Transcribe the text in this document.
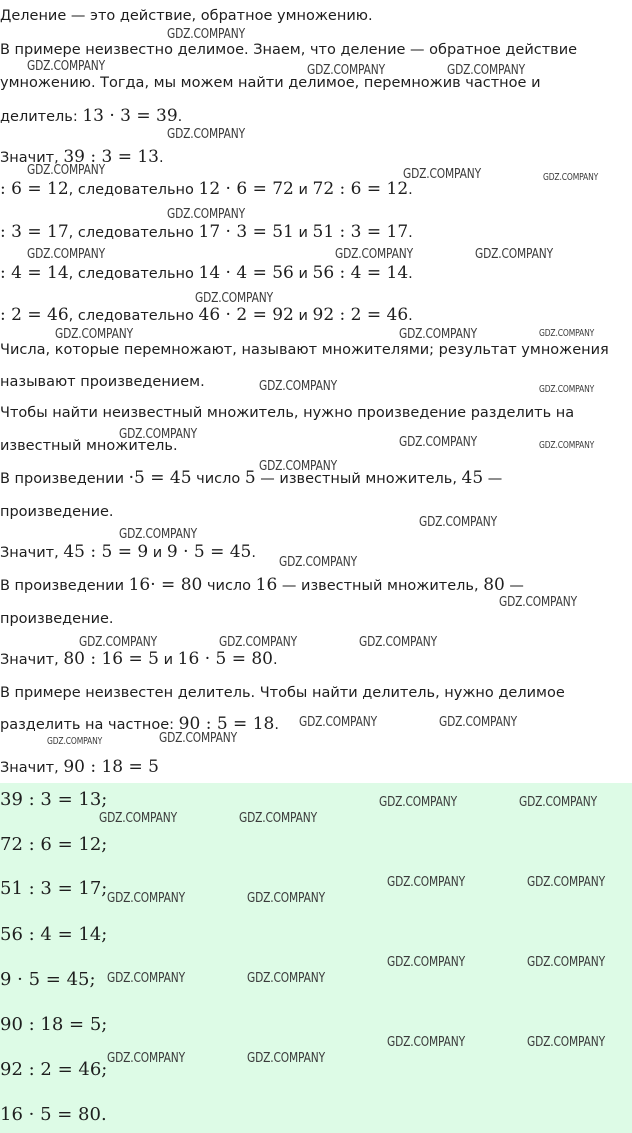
Деление — это действие, обратное умножению.

В примере неизвестно делимое. Знаем, что деление — обратное действие

умножению. Тогда, мы можем найти делимое, перемножив частное и

делитель: 13 · 3 = 39.

Значит, 39 : 3 = 13.

: 6 = 12, следовательно 12 · 6 = 72 и 72 : 6 = 12.

: 3 = 17, следовательно 17 · 3 = 51 и 51 : 3 = 17.

: 4 = 14, следовательно 14 · 4 = 56 и 56 : 4 = 14.

: 2 = 46, следовательно 46 · 2 = 92 и 92 : 2 = 46.

Числа, которые перемножают, называют множителями; результат умножения

называют произведением.

Чтобы найти неизвестный множитель, нужно произведение разделить на

известный множитель.

В произведении ·5 = 45 число 5 — известный множитель, 45 —

произведение.

Значит, 45 : 5 = 9 и 9 · 5 = 45.

В произведении 16· = 80 число 16 — известный множитель, 80 —

произведение.

Значит, 80 : 16 = 5 и 16 · 5 = 80.

В примере неизвестен делитель. Чтобы найти делитель, нужно делимое

разделить на частное: 90 : 5 = 18.

Значит, 90 : 18 = 5

39 : 3 = 13;

72 : 6 = 12;

51 : 3 = 17;

56 : 4 = 14;

9 · 5 = 45;

90 : 18 = 5;

92 : 2 = 46;

16 · 5 = 80.

GDZ.COMPANY
GDZ.COMPANY	GDZ.COMPANY	GDZ.COMPANY
GDZ.COMPANY
GDZ.COMPANY	GDZ.COMPANY	GDZ.COMPANY
GDZ.COMPANY
GDZ.COMPANY	GDZ.COMPANY	GDZ.COMPANY
GDZ.COMPANY
GDZ.COMPANY	GDZ.COMPANY	GDZ.COMPANY
GDZ.COMPANY	GDZ.COMPANY
GDZ.COMPANY
GDZ.COMPANY	GDZ.COMPANY
GDZ.COMPANY
GDZ.COMPANY
GDZ.COMPANY
GDZ.COMPANY
GDZ.COMPANY
GDZ.COMPANY	GDZ.COMPANY	GDZ.COMPANY
GDZ.COMPANY	GDZ.COMPANY
GDZ.COMPANY
GDZ.COMPANY
GDZ.COMPANY	GDZ.COMPANY
GDZ.COMPANY	GDZ.COMPANY
GDZ.COMPANY	GDZ.COMPANY
GDZ.COMPANY	GDZ.COMPANY
GDZ.COMPANY	GDZ.COMPANY
GDZ.COMPANY	GDZ.COMPANY
GDZ.COMPANY	GDZ.COMPANY
GDZ.COMPANY	GDZ.COMPANY
